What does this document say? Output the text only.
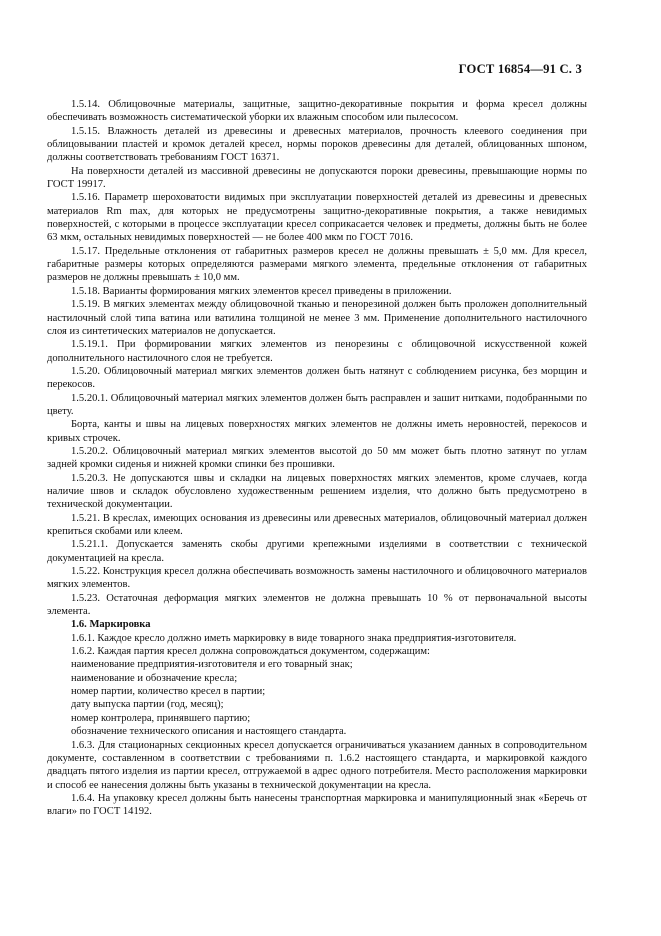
ГОСТ 16854—91 С. 3

1.5.14. Облицовочные материалы, защитные, защитно-декоративные покрытия и форма кресел должны обеспечивать возможность систематической уборки их влажным способом или пылесосом.

1.5.15. Влажность деталей из древесины и древесных материалов, прочность клеевого соединения при облицовывании пластей и кромок деталей кресел, нормы пороков древесины для деталей, облицованных шпоном, должны соответствовать требованиям ГОСТ 16371.

На поверхности деталей из массивной древесины не допускаются пороки древесины, превышающие нормы по ГОСТ 19917.

1.5.16. Параметр шероховатости видимых при эксплуатации поверхностей деталей из древесины и древесных материалов Rm max, для которых не предусмотрены защитно-декоративные покрытия, а также невидимых поверхностей, с которыми в процессе эксплуатации кресел соприкасается человек и предметы, должны быть не более 63 мкм, остальных невидимых поверхностей — не более 400 мкм по ГОСТ 7016.

1.5.17. Предельные отклонения от габаритных размеров кресел не должны превышать ± 5,0 мм. Для кресел, габаритные размеры которых определяются размерами мягкого элемента, предельные отклонения от габаритных размеров не должны превышать ± 10,0 мм.

1.5.18. Варианты формирования мягких элементов кресел приведены в приложении.

1.5.19. В мягких элементах между облицовочной тканью и пенорезиной должен быть проложен дополнительный настилочный слой типа ватина или ватилина толщиной не менее 3 мм. Применение дополнительного настилочного слоя из синтетических материалов не допускается.

1.5.19.1. При формировании мягких элементов из пенорезины с облицовочной искусственной кожей дополнительного настилочного слоя не требуется.

1.5.20. Облицовочный материал мягких элементов должен быть натянут с соблюдением рисунка, без морщин и перекосов.

1.5.20.1. Облицовочный материал мягких элементов должен быть расправлен и зашит нитками, подобранными по цвету.

Борта, канты и швы на лицевых поверхностях мягких элементов не должны иметь неровностей, перекосов и кривых строчек.

1.5.20.2. Облицовочный материал мягких элементов высотой до 50 мм может быть плотно затянут по углам задней кромки сиденья и нижней кромки спинки без прошивки.

1.5.20.3. Не допускаются швы и складки на лицевых поверхностях мягких элементов, кроме случаев, когда наличие швов и складок обусловлено художественным решением изделия, что должно быть предусмотрено в технической документации.

1.5.21. В креслах, имеющих основания из древесины или древесных материалов, облицовочный материал должен крепиться скобами или клеем.

1.5.21.1. Допускается заменять скобы другими крепежными изделиями в соответствии с технической документацией на кресла.

1.5.22. Конструкция кресел должна обеспечивать возможность замены настилочного и облицовочного материалов мягких элементов.

1.5.23. Остаточная деформация мягких элементов не должна превышать 10 % от первоначальной высоты элемента.

1.6. Маркировка

1.6.1. Каждое кресло должно иметь маркировку в виде товарного знака предприятия-изготовителя.

1.6.2. Каждая партия кресел должна сопровождаться документом, содержащим:

наименование предприятия-изготовителя и его товарный знак;

наименование и обозначение кресла;

номер партии, количество кресел в партии;

дату выпуска партии (год, месяц);

номер контролера, принявшего партию;

обозначение технического описания и настоящего стандарта.

1.6.3. Для стационарных секционных кресел допускается ограничиваться указанием данных в сопроводительном документе, составленном в соответствии с требованиями п. 1.6.2 настоящего стандарта, и маркировкой каждого двадцать пятого изделия из партии кресел, отгружаемой в адрес одного потребителя. Место расположения маркировки и способ ее нанесения должны быть указаны в технической документации на кресла.

1.6.4. На упаковку кресел должны быть нанесены транспортная маркировка и манипуляционный знак «Беречь от влаги» по ГОСТ 14192.
